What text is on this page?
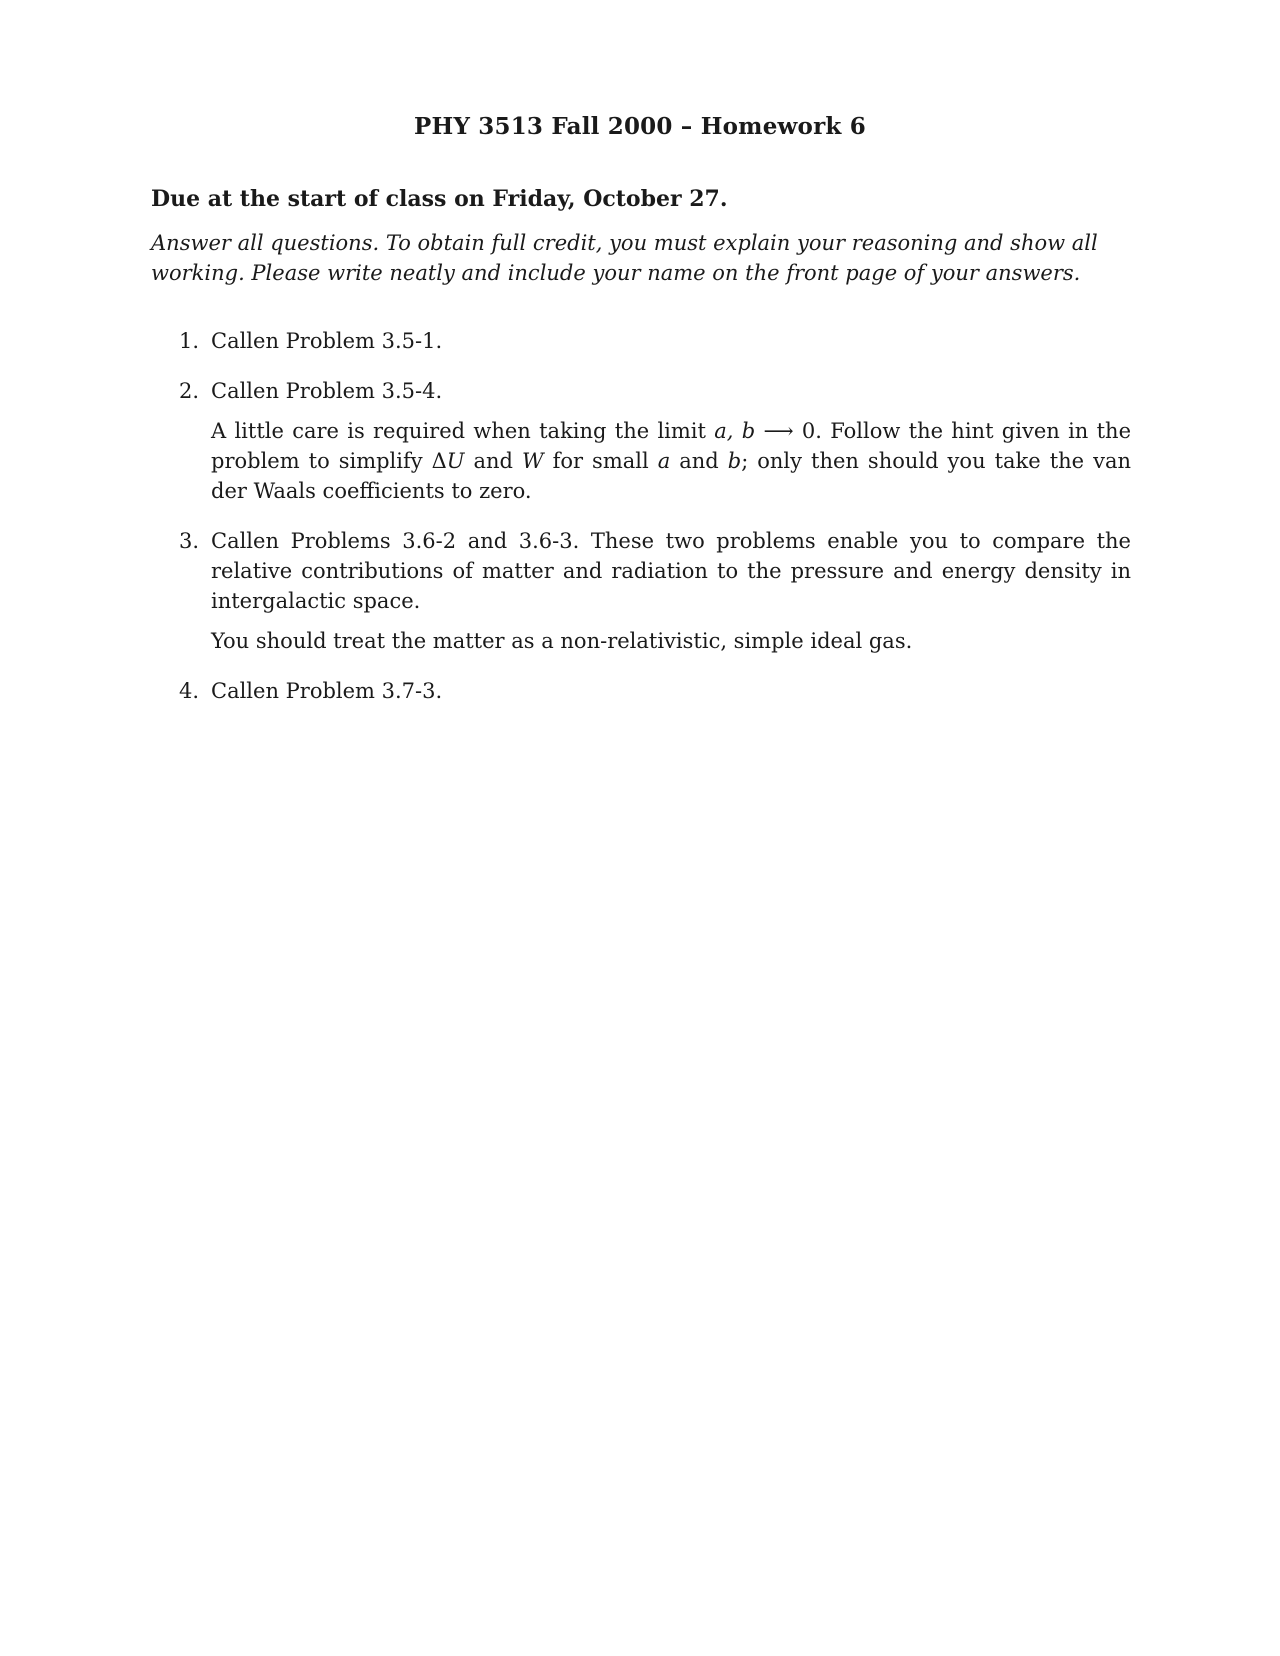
PHY 3513 Fall 2000 – Homework 6
Due at the start of class on Friday, October 27.
Answer all questions. To obtain full credit, you must explain your reasoning and show all
working. Please write neatly and include your name on the front page of your answers.
1. Callen Problem 3.5-1.

2. Callen Problem 3.5-4.

A little care is required when taking the limit a, b ⟶ 0. Follow the hint given in the problem to simplify ΔU and W for small a and b; only then should you take the van der Waals coefficients to zero.

3. Callen Problems 3.6-2 and 3.6-3. These two problems enable you to compare the relative contributions of matter and radiation to the pressure and energy density in intergalactic space.

You should treat the matter as a non-relativistic, simple ideal gas.

4. Callen Problem 3.7-3.
